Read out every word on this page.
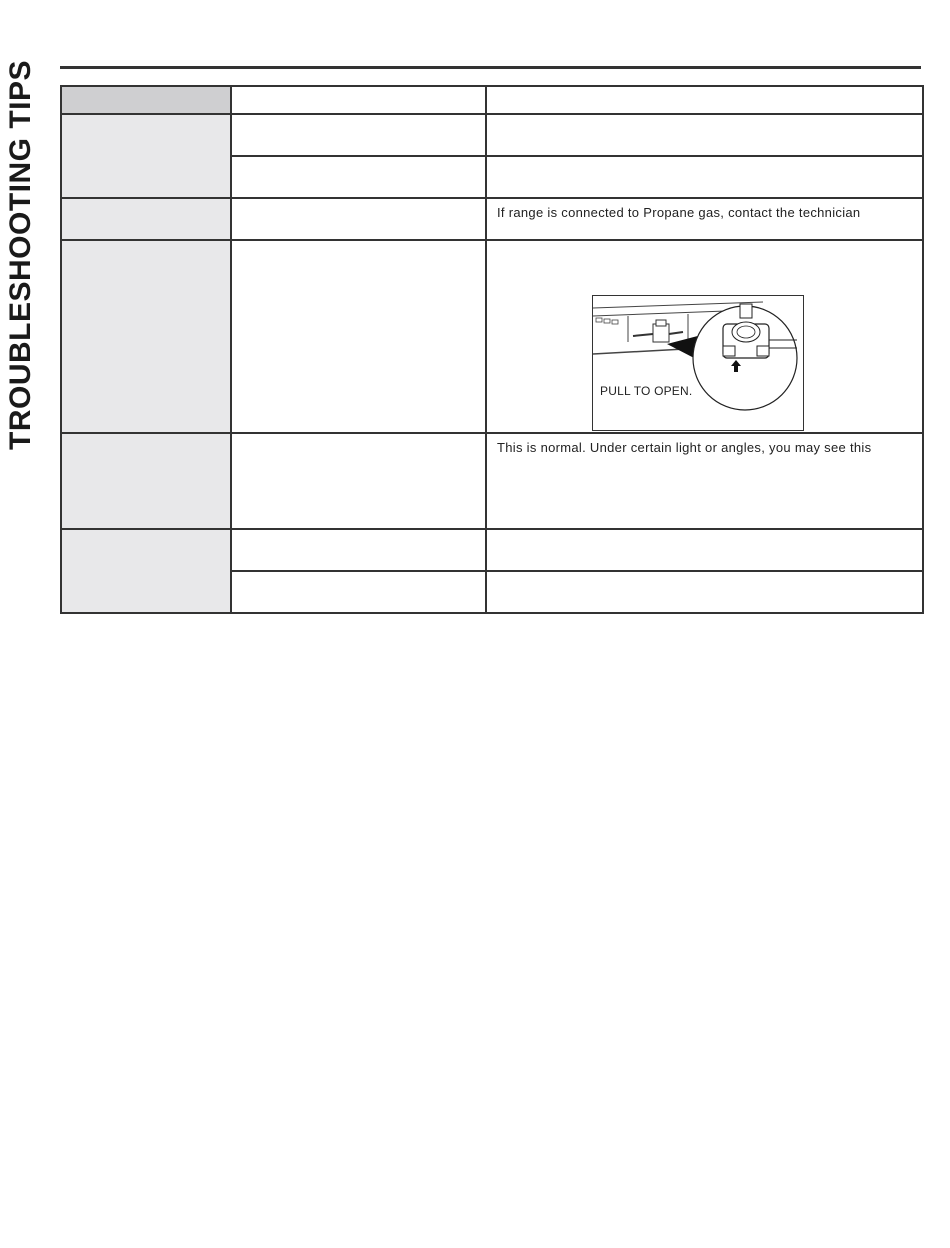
TROUBLESHOOTING TIPS

		If range is connected to Propane gas, contact the technician

		PULL TO OPEN.

		This is normal. Under certain light or angles, you may see this
